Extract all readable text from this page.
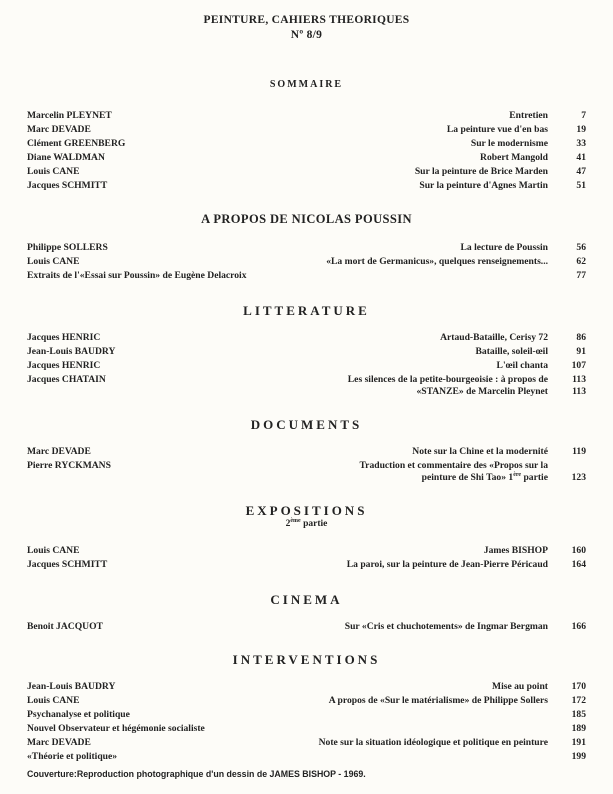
PEINTURE, CAHIERS THEORIQUES
Nº 8/9
SOMMAIRE
Marcelin PLEYNET	Entretien	7
Marc DEVADE	La peinture vue d'en bas	19
Clément GREENBERG	Sur le modernisme	33
Diane WALDMAN	Robert Mangold	41
Louis CANE	Sur la peinture de Brice Marden	47
Jacques SCHMITT	Sur la peinture d'Agnes Martin	51
A PROPOS DE NICOLAS POUSSIN
Philippe SOLLERS	La lecture de Poussin	56
Louis CANE	«La mort de Germanicus», quelques renseignements...	62
Extraits de l'«Essai sur Poussin» de Eugène Delacroix	77
LITTERATURE
Jacques HENRIC	Artaud-Bataille, Cerisy 72	86
Jean-Louis BAUDRY	Bataille, soleil-œil	91
Jacques HENRIC	L'œil chanta	107
Jacques CHATAIN	Les silences de la petite-bourgeoisie : à propos de	113
«STANZE» de Marcelin Pleynet	113
DOCUMENTS
Marc DEVADE	Note sur la Chine et la modernité	119
Pierre RYCKMANS	Traduction et commentaire des «Propos sur la
peinture de Shi Tao» 1ère partie	123
EXPOSITIONS
2ème partie
Louis CANE	James BISHOP	160
Jacques SCHMITT	La paroi, sur la peinture de Jean-Pierre Péricaud	164
CINEMA
Benoit JACQUOT	Sur «Cris et chuchotements» de Ingmar Bergman	166
INTERVENTIONS
Jean-Louis BAUDRY	Mise au point	170
Louis CANE	A propos de «Sur le matérialisme» de Philippe Sollers	172
Psychanalyse et politique	185
Nouvel Observateur et hégémonie socialiste	189
Marc DEVADE	Note sur la situation idéologique et politique en peinture	191
«Théorie et politique»	199
Couverture:Reproduction photographique d'un dessin de JAMES BISHOP - 1969.
